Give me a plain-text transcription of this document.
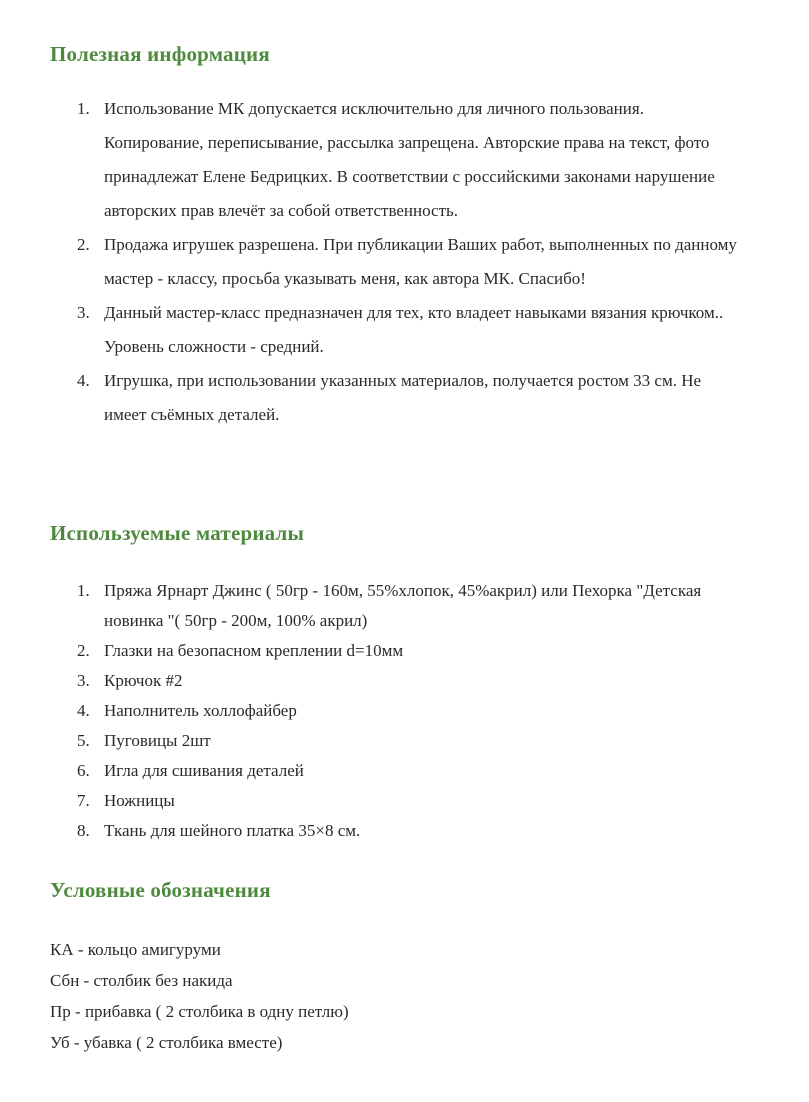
Полезная информация
1. Использование МК допускается исключительно для личного пользования. Копирование, переписывание, рассылка запрещена. Авторские права на текст, фото принадлежат Елене Бедрицких. В соответствии с российскими законами нарушение авторских прав влечёт за собой ответственность.
2. Продажа игрушек разрешена. При публикации Ваших работ, выполненных по данному мастер - классу, просьба указывать меня, как автора МК. Спасибо!
3. Данный мастер-класс предназначен для тех, кто владеет навыками вязания крючком.. Уровень сложности - средний.
4. Игрушка, при использовании указанных материалов, получается ростом 33 см. Не имеет съёмных деталей.
Используемые материалы
1. Пряжа Ярнарт Джинс ( 50гр - 160м, 55%хлопок, 45%акрил) или Пехорка "Детская новинка "( 50гр - 200м, 100% акрил)
2. Глазки на безопасном креплении d=10мм
3. Крючок #2
4. Наполнитель холлофайбер
5. Пуговицы 2шт
6. Игла для сшивания деталей
7. Ножницы
8. Ткань для шейного платка 35×8 см.
Условные обозначения
КА - кольцо амигуруми
Сбн - столбик без накида
Пр - прибавка ( 2 столбика в одну петлю)
Уб - убавка ( 2 столбика вместе)
